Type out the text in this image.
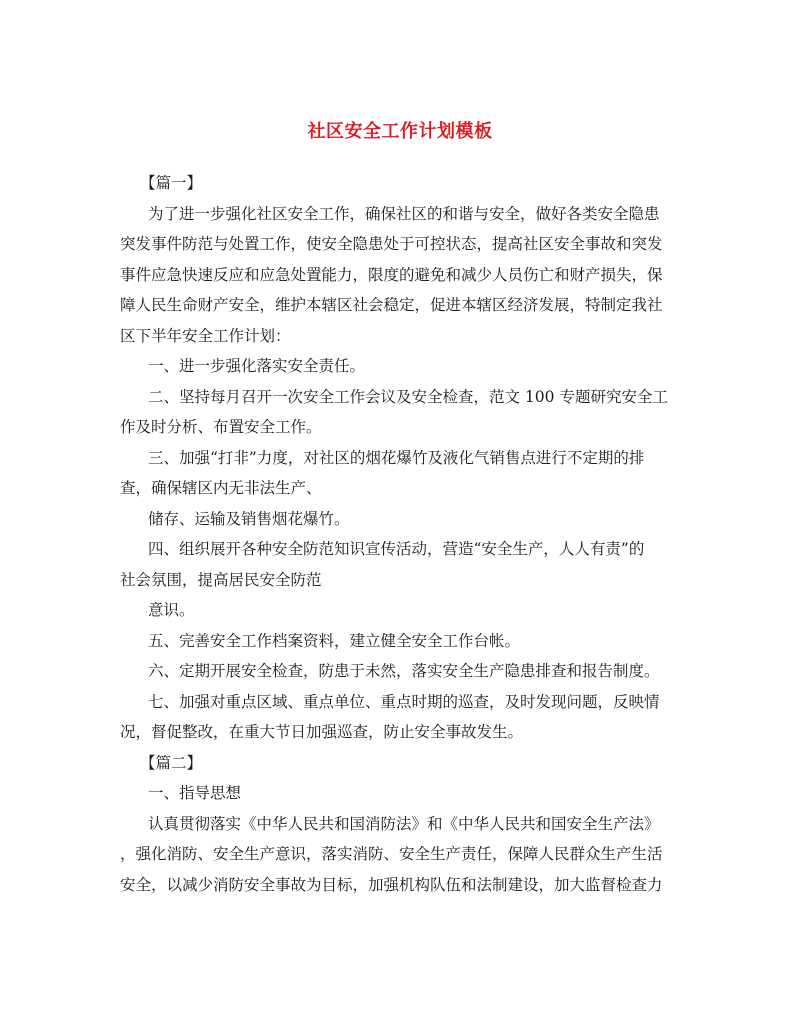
社区安全工作计划模板
【篇一】
为了进一步强化社区安全工作，确保社区的和谐与安全，做好各类安全隐患
突发事件防范与处置工作，使安全隐患处于可控状态，提高社区安全事故和突发
事件应急快速反应和应急处置能力，限度的避免和减少人员伤亡和财产损失，保
障人民生命财产安全，维护本辖区社会稳定，促进本辖区经济发展，特制定我社
区下半年安全工作计划：
一、进一步强化落实安全责任。
二、坚持每月召开一次安全工作会议及安全检查，范文 100 专题研究安全工
作及时分析、布置安全工作。
三、加强“打非”力度，对社区的烟花爆竹及液化气销售点进行不定期的排
查，确保辖区内无非法生产、
储存、运输及销售烟花爆竹。
四、组织展开各种安全防范知识宣传活动，营造“安全生产，人人有责”的
社会氛围，提高居民安全防范
意识。
五、完善安全工作档案资料，建立健全安全工作台帐。
六、定期开展安全检查，防患于未然，落实安全生产隐患排查和报告制度。
七、加强对重点区域、重点单位、重点时期的巡查，及时发现问题，反映情
况，督促整改，在重大节日加强巡查，防止安全事故发生。
【篇二】
一、指导思想
认真贯彻落实《中华人民共和国消防法》和《中华人民共和国安全生产法》
，强化消防、安全生产意识，落实消防、安全生产责任，保障人民群众生产生活
安全，以减少消防安全事故为目标，加强机构队伍和法制建设，加大监督检查力
